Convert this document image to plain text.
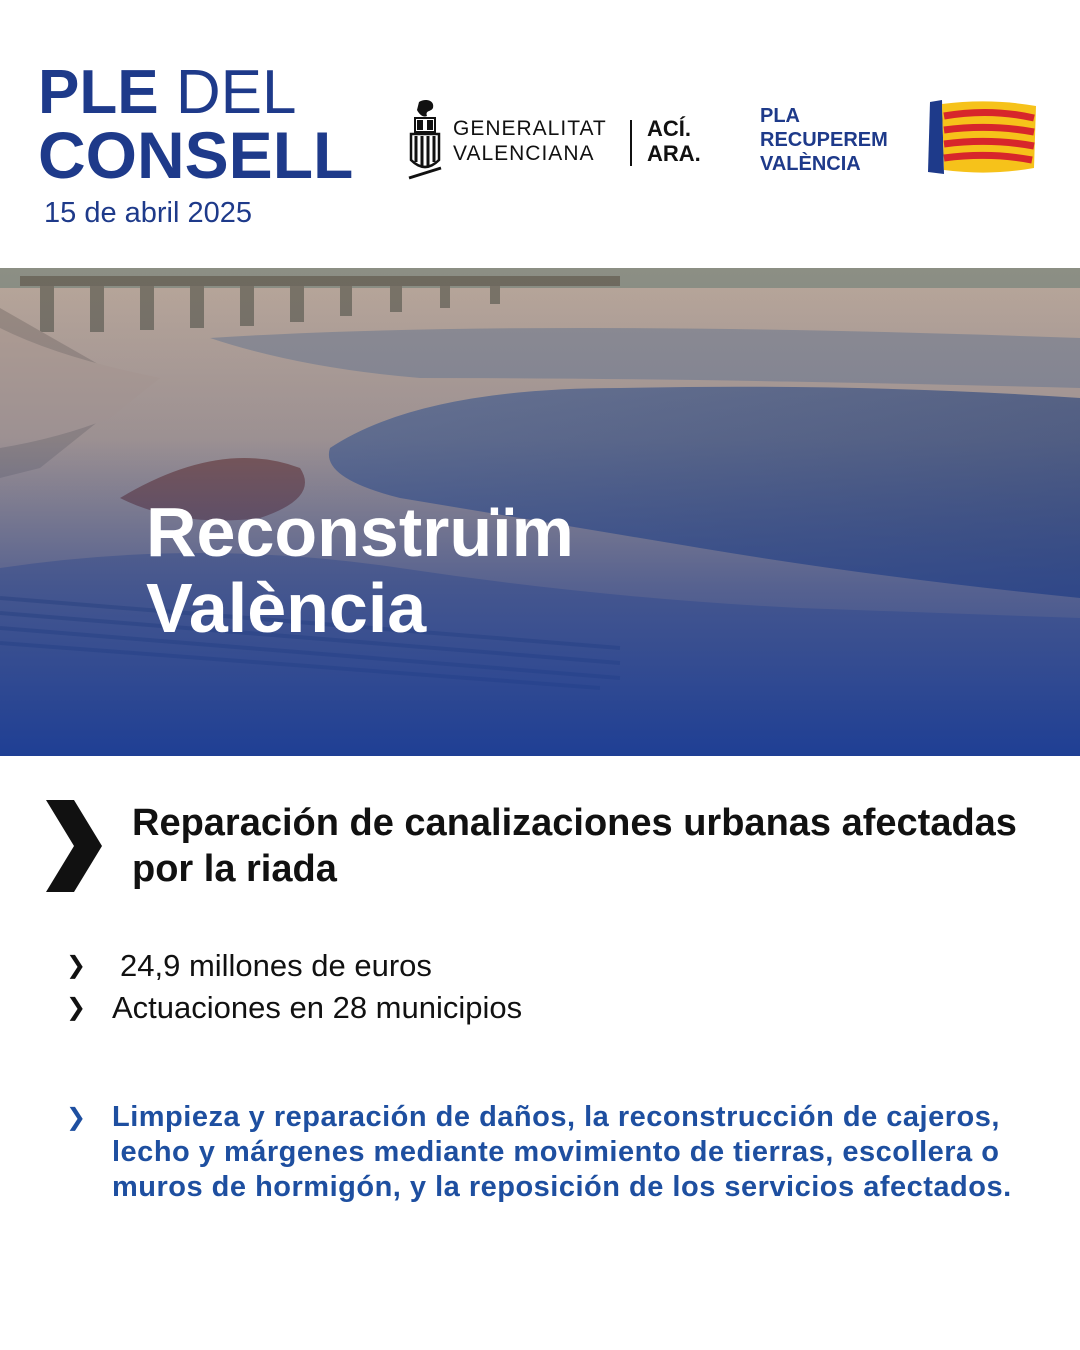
PLE DEL
CONSELL
15 de abril 2025
GENERALITAT
VALENCIANA
ACÍ.
ARA.
PLA
RECUPEREM
VALÈNCIA
Reconstruïm
València
Reparación de canalizaciones urbanas afectadas por la riada
❯ 24,9 millones de euros
❯ Actuaciones en 28 municipios
❯ Limpieza y reparación de daños, la reconstrucción de cajeros, lecho y márgenes mediante movimiento de tierras, escollera o muros de hormigón, y la reposición de los servicios afectados.
